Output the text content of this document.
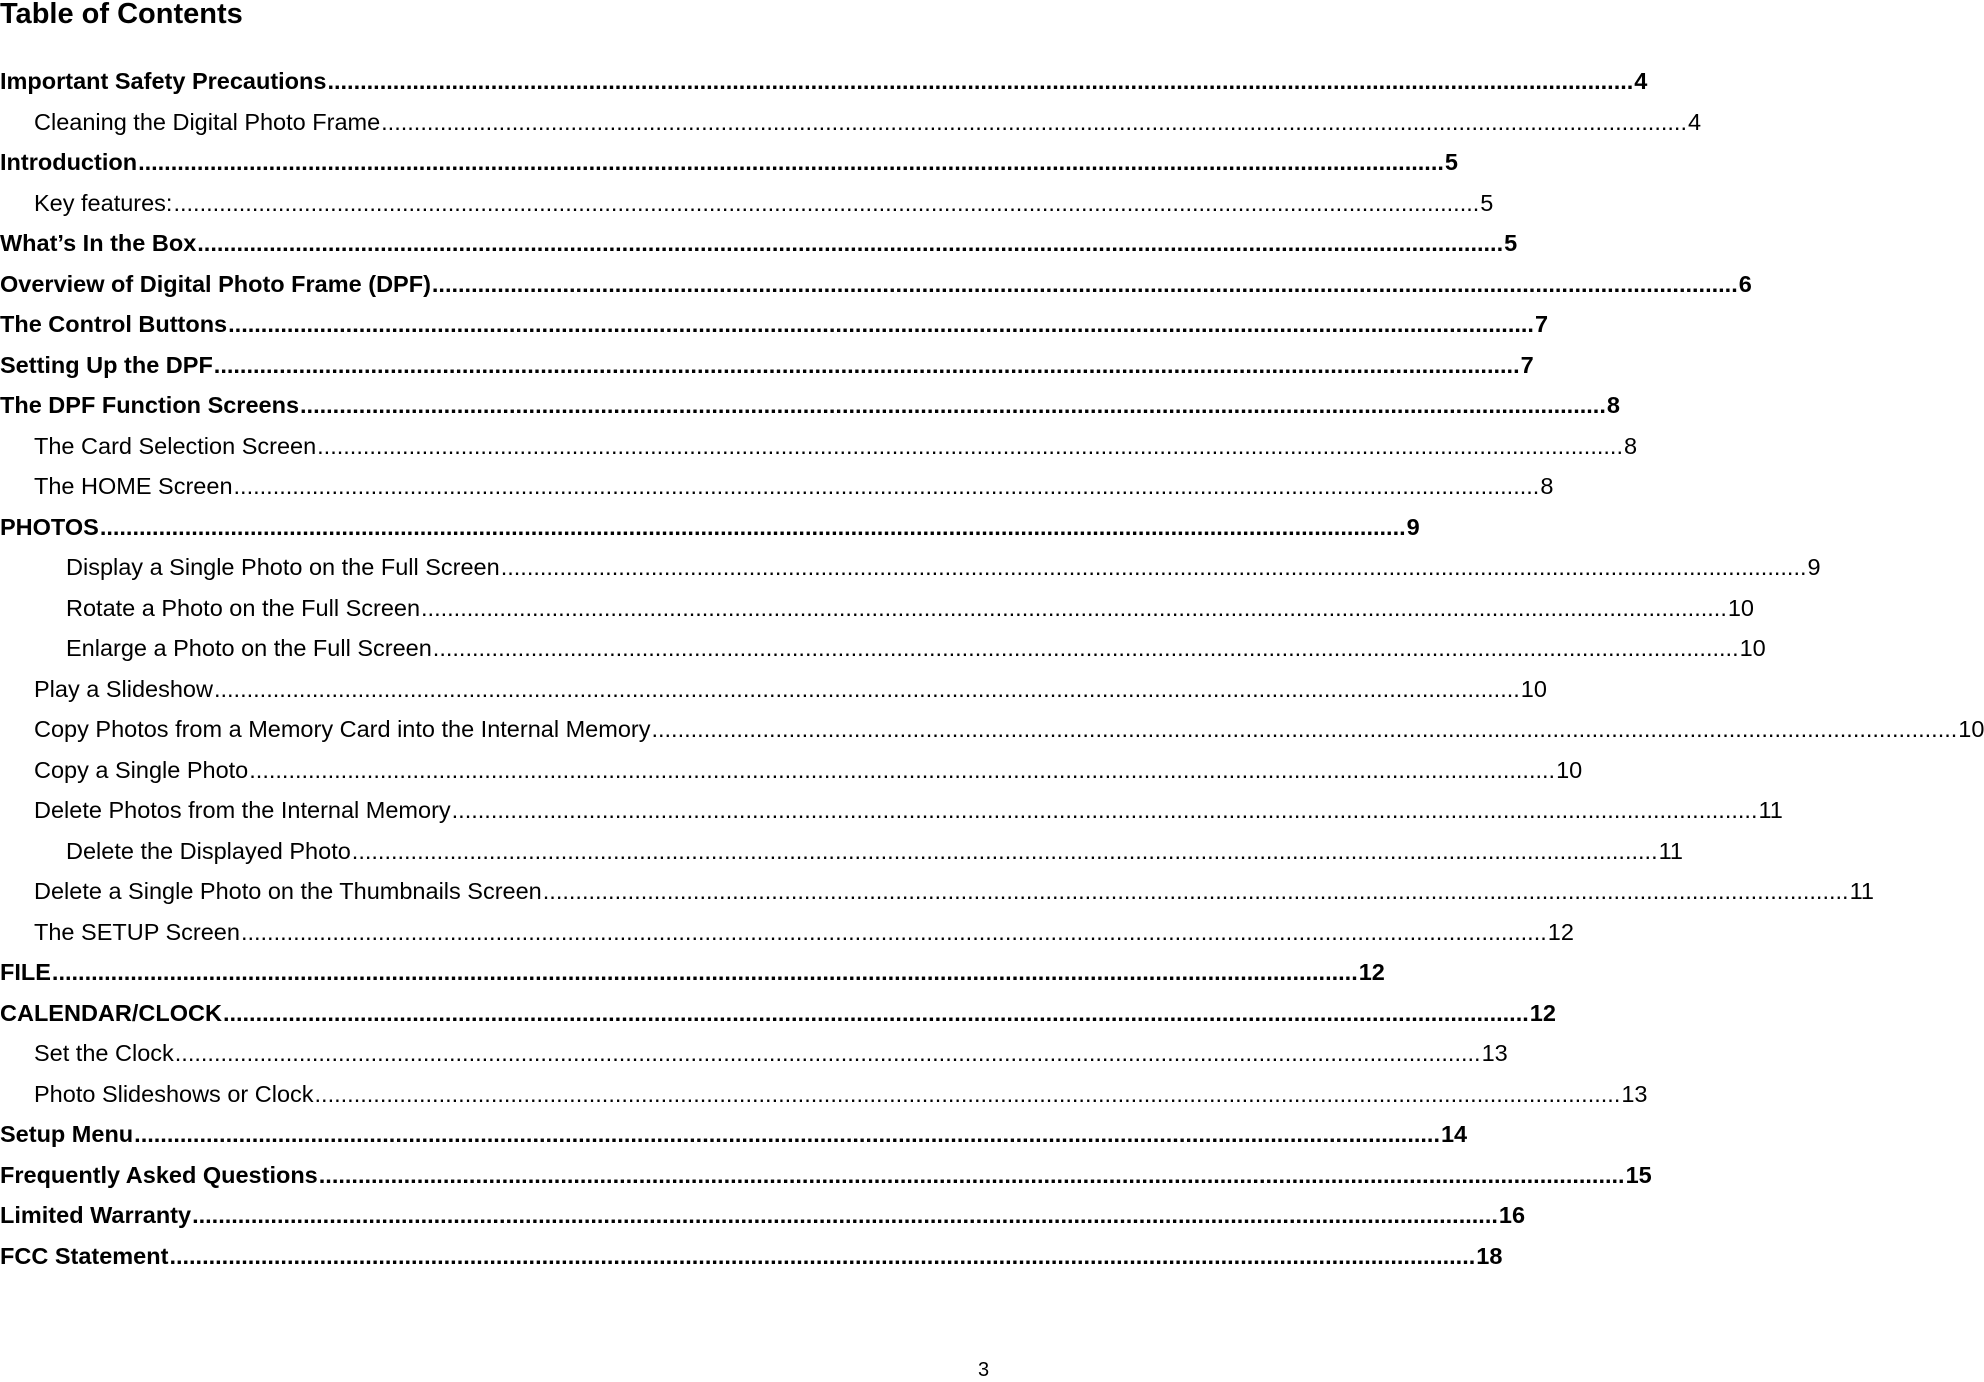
Table of Contents
Important Safety Precautions ........................................................................................................................................................................................................ 4
Cleaning the Digital Photo Frame ........................................................................................................................................................................................................ 4
Introduction ........................................................................................................................................................................................................ 5
Key features: ........................................................................................................................................................................................................ 5
What’s In the Box ........................................................................................................................................................................................................ 5
Overview of Digital Photo Frame (DPF) ........................................................................................................................................................................................................ 6
The Control Buttons ........................................................................................................................................................................................................ 7
Setting Up the DPF ........................................................................................................................................................................................................ 7
The DPF Function Screens ........................................................................................................................................................................................................ 8
The Card Selection Screen ........................................................................................................................................................................................................ 8
The HOME Screen ........................................................................................................................................................................................................ 8
PHOTOS ........................................................................................................................................................................................................ 9
Display a Single Photo on the Full Screen ........................................................................................................................................................................................................ 9
Rotate a Photo on the Full Screen ........................................................................................................................................................................................................ 10
Enlarge a Photo on the Full Screen ........................................................................................................................................................................................................ 10
Play a Slideshow ........................................................................................................................................................................................................ 10
Copy Photos from a Memory Card into the Internal Memory ........................................................................................................................................................................................................ 10
Copy a Single Photo ........................................................................................................................................................................................................ 10
Delete Photos from the Internal Memory ........................................................................................................................................................................................................ 11
Delete the Displayed Photo ........................................................................................................................................................................................................ 11
Delete a Single Photo on the Thumbnails Screen ........................................................................................................................................................................................................ 11
The SETUP Screen ........................................................................................................................................................................................................ 12
FILE ........................................................................................................................................................................................................ 12
CALENDAR/CLOCK ........................................................................................................................................................................................................ 12
Set the Clock ........................................................................................................................................................................................................ 13
Photo Slideshows or Clock ........................................................................................................................................................................................................ 13
Setup Menu ........................................................................................................................................................................................................ 14
Frequently Asked Questions ........................................................................................................................................................................................................ 15
Limited Warranty ........................................................................................................................................................................................................ 16
FCC Statement ........................................................................................................................................................................................................ 18
3
